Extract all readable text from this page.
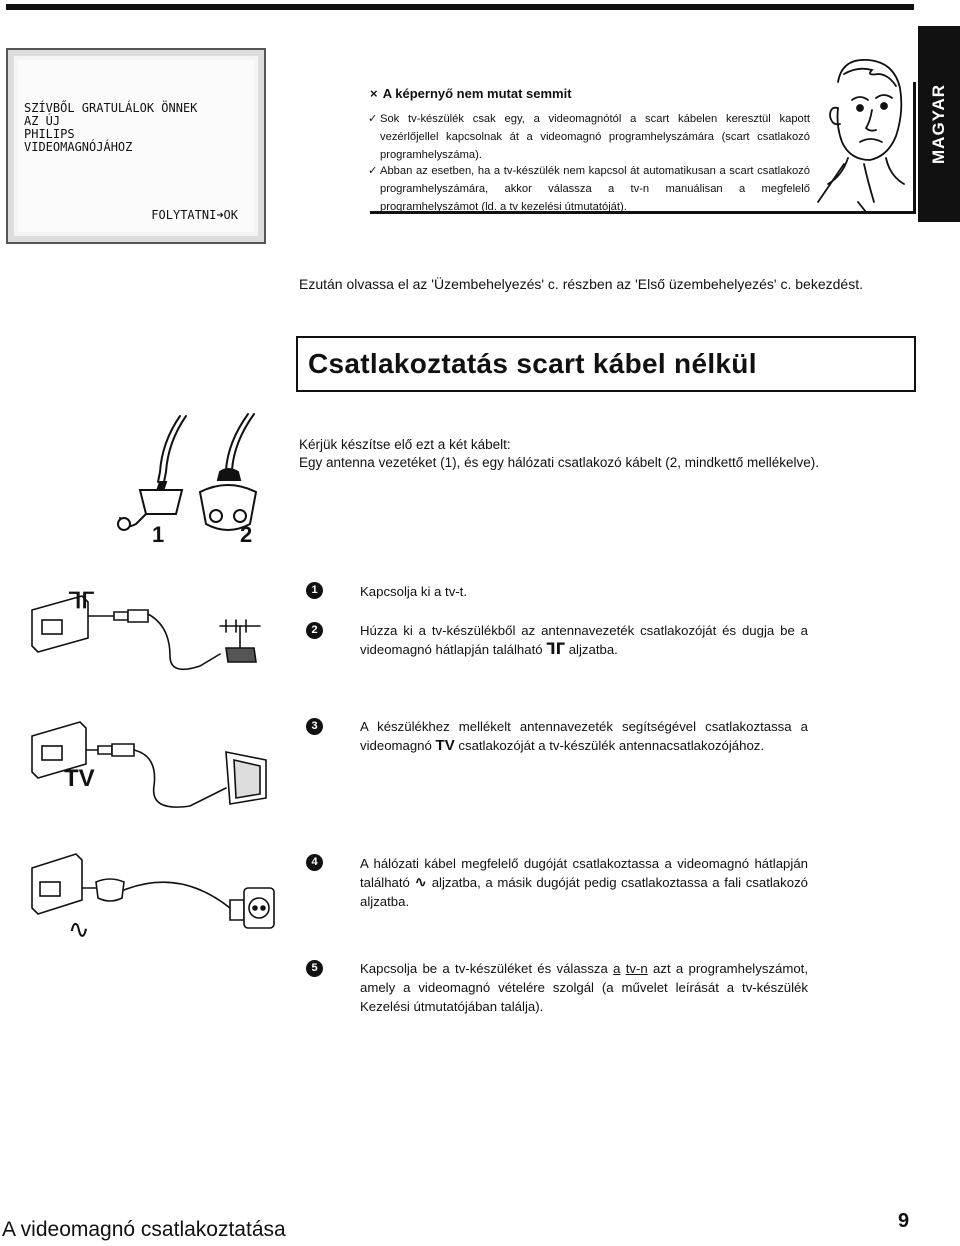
SZÍVBŐL GRATULÁLOK ÖNNEK
AZ ÚJ
PHILIPS
VIDEOMAGNÓJÁHOZ
FOLYTATNI➜OK
× A képernyő nem mutat semmit
✓ Sok tv-készülék csak egy, a videomagnótól a scart kábelen keresztül kapott vezérlőjellel kapcsolnak át a videomagnó programhelyszámára (scart csatlakozó programhelyszáma).

✓ Abban az esetben, ha a tv-készülék nem kapcsol át automatikusan a scart csatlakozó programhelyszámára, akkor válassza a tv-n manuálisan a megfelelő programhelyszámot (ld. a tv kezelési útmutatóját).

MAGYAR
Ezután olvassa el az 'Üzembehelyezés' c. részben az 'Első üzembehelyezés' c. bekezdést.
Csatlakoztatás scart kábel nélkül
Kérjük készítse elő ezt a két kábelt:
Egy antenna vezetéket (1), és egy hálózati csatlakozó kábelt (2, mindkettő mellékelve).
1	2
ᒣᒥ
TV
∿
1	Kapcsolja ki a tv-t.
2	Húzza ki a tv-készülékből az antennavezeték csatlakozóját és dugja be a videomagnó hátlapján található ᒣᒥ aljzatba.
3	A készülékhez mellékelt antennavezeték segítségével csatlakoztassa a videomagnó TV csatlakozóját a tv-készülék antennacsatlakozójához.
4	A hálózati kábel megfelelő dugóját csatlakoztassa a videomagnó hátlapján található ∿ aljzatba, a másik dugóját pedig csatlakoztassa a fali csatlakozó aljzatba.
5	Kapcsolja be a tv-készüléket és válassza a tv-n azt a programhelyszámot, amely a videomagnó vételére szolgál (a művelet leírását a tv-készülék Kezelési útmutatójában találja).
A videomagnó csatlakoztatása	9
